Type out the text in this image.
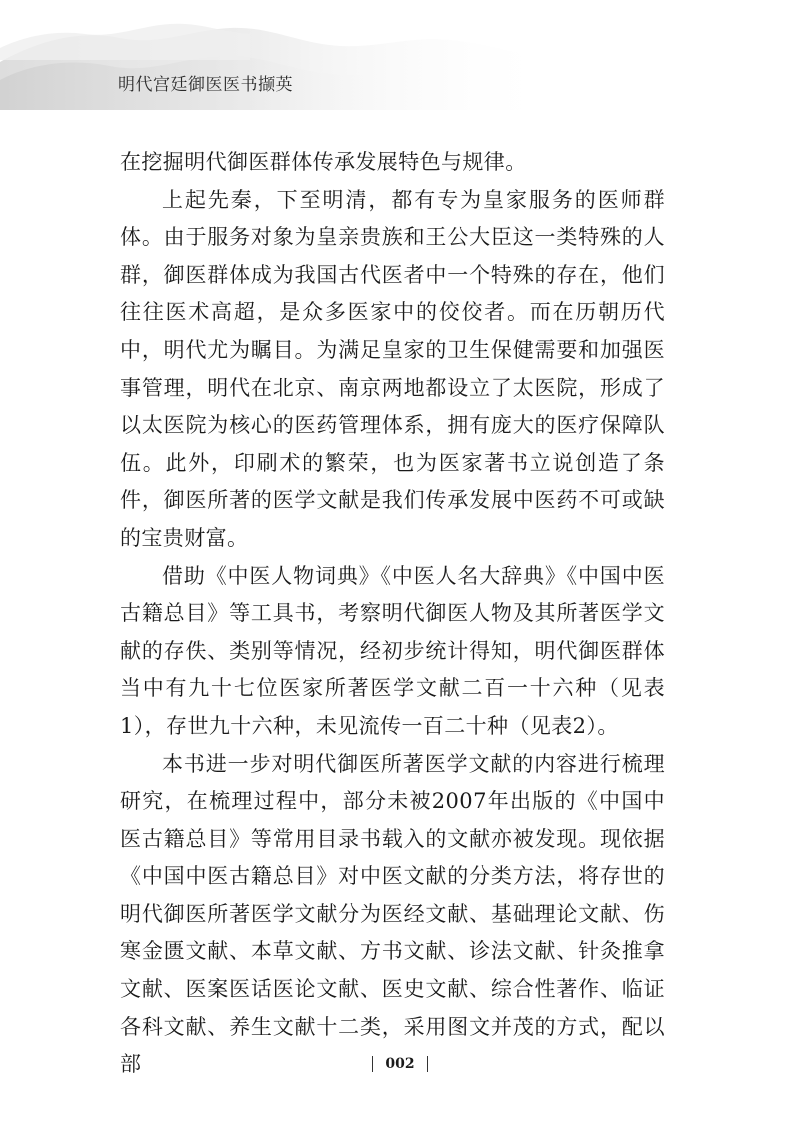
明代宫廷御医医书撷英

在挖掘明代御医群体传承发展特色与规律。

上起先秦，下至明清，都有专为皇家服务的医师群体。由于服务对象为皇亲贵族和王公大臣这一类特殊的人群，御医群体成为我国古代医者中一个特殊的存在，他们往往医术高超，是众多医家中的佼佼者。而在历朝历代中，明代尤为瞩目。为满足皇家的卫生保健需要和加强医事管理，明代在北京、南京两地都设立了太医院，形成了以太医院为核心的医药管理体系，拥有庞大的医疗保障队伍。此外，印刷术的繁荣，也为医家著书立说创造了条件，御医所著的医学文献是我们传承发展中医药不可或缺的宝贵财富。

借助《中医人物词典》《中医人名大辞典》《中国中医古籍总目》等工具书，考察明代御医人物及其所著医学文献的存佚、类别等情况，经初步统计得知，明代御医群体当中有九十七位医家所著医学文献二百一十六种（见表1），存世九十六种，未见流传一百二十种（见表2）。

本书进一步对明代御医所著医学文献的内容进行梳理研究，在梳理过程中，部分未被2007年出版的《中国中医古籍总目》等常用目录书载入的文献亦被发现。现依据《中国中医古籍总目》对中医文献的分类方法，将存世的明代御医所著医学文献分为医经文献、基础理论文献、伤寒金匮文献、本草文献、方书文献、诊法文献、针灸推拿文献、医案医话医论文献、医史文献、综合性著作、临证各科文献、养生文献十二类，采用图文并茂的方式，配以部	002
